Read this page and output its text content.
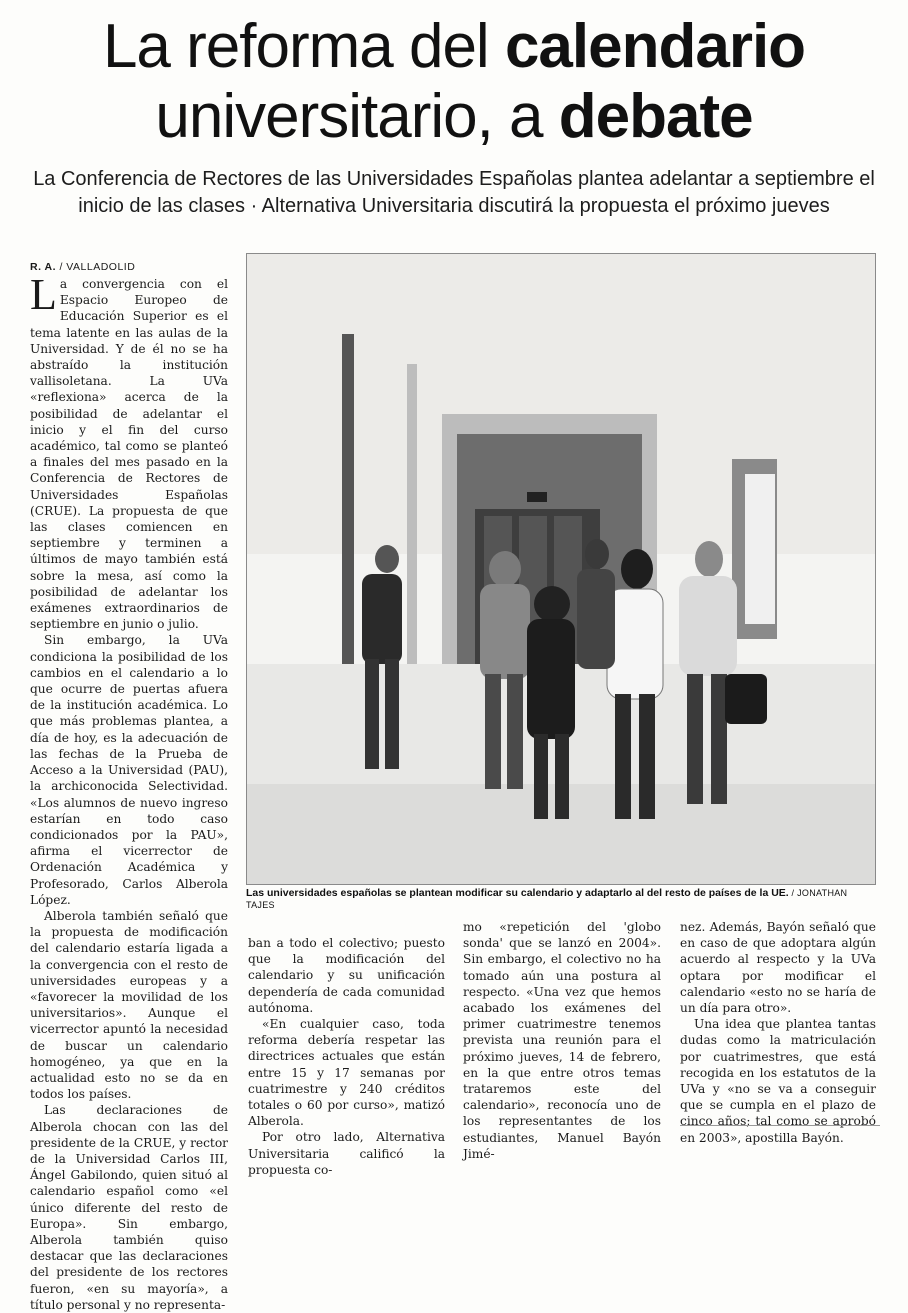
La reforma del calendario
universitario, a debate
La Conferencia de Rectores de las Universidades Españolas plantea adelantar a septiembre el inicio de las clases · Alternativa Universitaria discutirá la propuesta el próximo jueves
R. A. / VALLADOLID

La convergencia con el Espacio Europeo de Educación Superior es el tema latente en las aulas de la Universidad. Y de él no se ha abstraído la institución vallisoletana. La UVa «reflexiona» acerca de la posibilidad de adelantar el inicio y el fin del curso académico, tal como se planteó a finales del mes pasado en la Conferencia de Rectores de Universidades Españolas (CRUE). La propuesta de que las clases comiencen en septiembre y terminen a últimos de mayo también está sobre la mesa, así como la posibilidad de adelantar los exámenes extraordinarios de septiembre en junio o julio.

Sin embargo, la UVa condiciona la posibilidad de los cambios en el calendario a lo que ocurre de puertas afuera de la institución académica. Lo que más problemas plantea, a día de hoy, es la adecuación de las fechas de la Prueba de Acceso a la Universidad (PAU), la archiconocida Selectividad. «Los alumnos de nuevo ingreso estarían en todo caso condicionados por la PAU», afirma el vicerrector de Ordenación Académica y Profesorado, Carlos Alberola López.

Alberola también señaló que la propuesta de modificación del calendario estaría ligada a la convergencia con el resto de universidades europeas y a «favorecer la movilidad de los universitarios». Aunque el vicerrector apuntó la necesidad de buscar un calendario homogéneo, ya que en la actualidad esto no se da en todos los países.

Las declaraciones de Alberola chocan con las del presidente de la CRUE, y rector de la Universidad Carlos III, Ángel Gabilondo, quien situó al calendario español como «el único diferente del resto de Europa». Sin embargo, Alberola también quiso destacar que las declaraciones del presidente de los rectores fueron, «en su mayoría», a título personal y no representa-

Las universidades españolas se plantean modificar su calendario y adaptarlo al del resto de países de la UE. / JONATHAN TAJES

ban a todo el colectivo; puesto que la modificación del calendario y su unificación dependería de cada comunidad autónoma.

«En cualquier caso, toda reforma debería respetar las directrices actuales que están entre 15 y 17 semanas por cuatrimestre y 240 créditos totales o 60 por curso», matizó Alberola.

Por otro lado, Alternativa Universitaria calificó la propuesta co-

mo «repetición del 'globo sonda' que se lanzó en 2004». Sin embargo, el colectivo no ha tomado aún una postura al respecto. «Una vez que hemos acabado los exámenes del primer cuatrimestre tenemos prevista una reunión para el próximo jueves, 14 de febrero, en la que entre otros temas trataremos este del calendario», reconocía uno de los representantes de los estudiantes, Manuel Bayón Jimé-

nez. Además, Bayón señaló que en caso de que adoptara algún acuerdo al respecto y la UVa optara por modificar el calendario «esto no se haría de un día para otro».

Una idea que plantea tantas dudas como la matriculación por cuatrimestres, que está recogida en los estatutos de la UVa y «no se va a conseguir que se cumpla en el plazo de cinco años; tal como se aprobó en 2003», apostilla Bayón.
